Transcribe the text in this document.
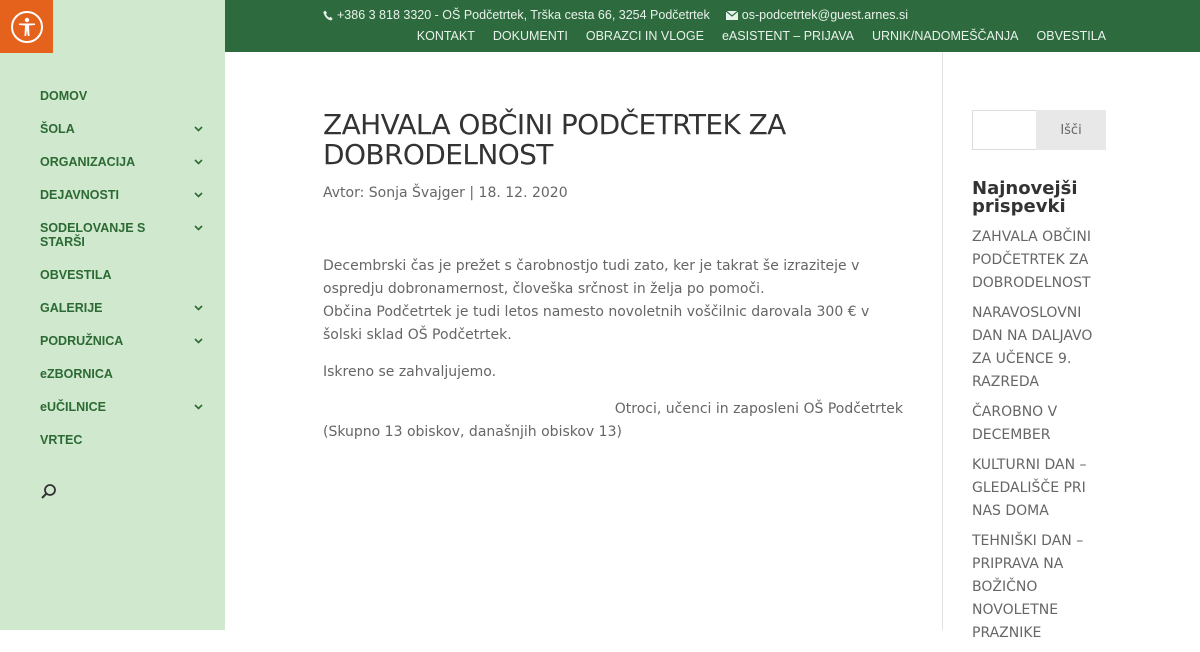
DOMOV
ŠOLA
ORGANIZACIJA
DEJAVNOSTI
SODELOVANJE S STARŠI
OBVESTILA
GALERIJE
PODRUŽNICA
eZBORNICA
eUČILNICE
VRTEC
+386 3 818 3320 - OŠ Podčetrtek, Trška cesta 66, 3254 Podčetrtek	os-podcetrtek@guest.arnes.si
KONTAKT DOKUMENTI OBRAZCI IN VLOGE eASISTENT – PRIJAVA URNIK/NADOMEŠČANJA OBVESTILA
ZAHVALA OBČINI PODČETRTEK ZA DOBRODELNOST
Avtor: Sonja Švajger | 18. 12. 2020

Decembrski čas je prežet s čarobnostjo tudi zato, ker je takrat še izraziteje v ospredju dobronamernost, človeška srčnost in želja po pomoči.

Občina Podčetrtek je tudi letos namesto novoletnih voščilnic darovala 300 € v šolski sklad OŠ Podčetrtek.

Iskreno se zahvaljujemo.

Otroci, učenci in zaposleni OŠ Podčetrtek

(Skupno 13 obiskov, današnjih obiskov 13)

Išči
Najnovejši prispevki
ZAHVALA OBČINI PODČETRTEK ZA DOBRODELNOST
NARAVOSLOVNI DAN NA DALJAVO ZA UČENCE 9. RAZREDA
ČAROBNO V DECEMBER
KULTURNI DAN – GLEDALIŠČE PRI NAS DOMA
TEHNIŠKI DAN – PRIPRAVA NA BOŽIČNO NOVOLETNE PRAZNIKE
